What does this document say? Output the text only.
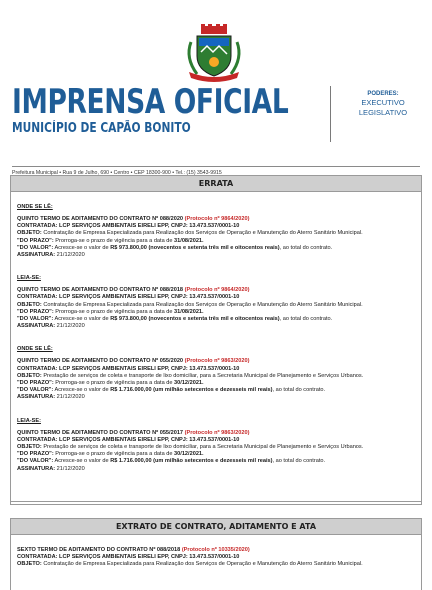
IMPRENSA OFICIAL
MUNICÍPIO DE CAPÃO BONITO
PODERES:
EXECUTIVO
LEGISLATIVO
Prefeitura Municipal • Rua 9 de Julho, 690 • Centro • CEP 18300-900 • Tel.: (15) 3543-9915
ERRATA
ONDE SE LÊ:
QUINTO TERMO DE ADITAMENTO DO CONTRATO Nº 088/2020 (Protocolo nº 9864/2020)
CONTRATADA: LCP SERVIÇOS AMBIENTAIS EIRELI EPP, CNPJ: 13.473.537/0001-10
OBJETO: Contratação de Empresa Especializada para Realização dos Serviços de Operação e Manutenção do Aterro Sanitário Municipal.
"DO PRAZO": Prorroga-se o prazo de vigência para a data de 31/08/2021.
"DO VALOR": Acresce-se o valor de R$ 973.800,00 (novecentos e setenta três mil e oitocentos reais), ao total do contrato.
ASSINATURA: 21/12/2020
LEIA-SE:
QUINTO TERMO DE ADITAMENTO DO CONTRATO Nº 088/2018 (Protocolo nº 9864/2020)
CONTRATADA: LCP SERVIÇOS AMBIENTAIS EIRELI EPP, CNPJ: 13.473.537/0001-10
OBJETO: Contratação de Empresa Especializada para Realização dos Serviços de Operação e Manutenção do Aterro Sanitário Municipal.
"DO PRAZO": Prorroga-se o prazo de vigência para a data de 31/08/2021.
"DO VALOR": Acresce-se o valor de R$ 973.800,00 (novecentos e setenta três mil e oitocentos reais), ao total do contrato.
ASSINATURA: 21/12/2020
ONDE SE LÊ:
QUINTO TERMO DE ADITAMENTO DO CONTRATO Nº 055/2020 (Protocolo nº 9863/2020)
CONTRATADA: LCP SERVIÇOS AMBIENTAIS EIRELI EPP, CNPJ: 13.473.537/0001-10
OBJETO: Prestação de serviços de coleta e transporte de lixo domiciliar, para a Secretaria Municipal de Planejamento e Serviços Urbanos.
"DO PRAZO": Prorroga-se o prazo de vigência para a data de 30/12/2021.
"DO VALOR": Acresce-se o valor de R$ 1.716.000,00 (um milhão setecentos e dezesseis mil reais), ao total do contrato.
ASSINATURA: 21/12/2020
LEIA-SE:
QUINTO TERMO DE ADITAMENTO DO CONTRATO Nº 055/2017 (Protocolo nº 9863/2020)
CONTRATADA: LCP SERVIÇOS AMBIENTAIS EIRELI EPP, CNPJ: 13.473.537/0001-10
OBJETO: Prestação de serviços de coleta e transporte de lixo domiciliar, para a Secretaria Municipal de Planejamento e Serviços Urbanos.
"DO PRAZO": Prorroga-se o prazo de vigência para a data de 30/12/2021.
"DO VALOR": Acresce-se o valor de R$ 1.716.000,00 (um milhão setecentos e dezesseis mil reais), ao total do contrato.
ASSINATURA: 21/12/2020
EXTRATO DE CONTRATO, ADITAMENTO E ATA
SEXTO TERMO DE ADITAMENTO DO CONTRATO Nº 088/2018 (Protocolo nº 10335/2020)
CONTRATADA: LCP SERVIÇOS AMBIENTAIS EIRELI EPP, CNPJ: 13.473.537/0001-10
OBJETO: Contratação de Empresa Especializada para Realização dos Serviços de Operação e Manutenção do Aterro Sanitário Municipal.
